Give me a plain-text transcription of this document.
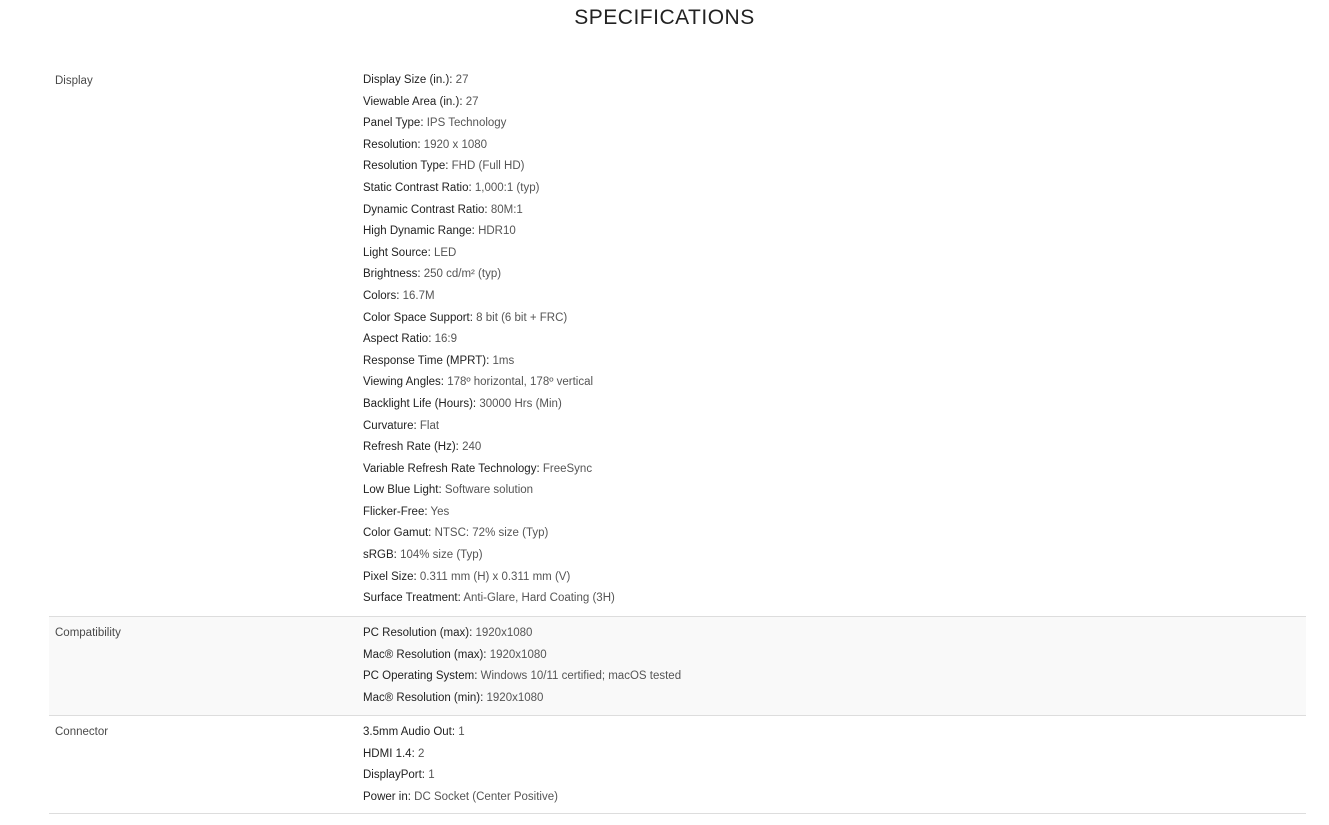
SPECIFICATIONS
Display	Display Size (in.): 27
Viewable Area (in.): 27
Panel Type: IPS Technology
Resolution: 1920 x 1080
Resolution Type: FHD (Full HD)
Static Contrast Ratio: 1,000:1 (typ)
Dynamic Contrast Ratio: 80M:1
High Dynamic Range: HDR10
Light Source: LED
Brightness: 250 cd/m² (typ)
Colors: 16.7M
Color Space Support: 8 bit (6 bit + FRC)
Aspect Ratio: 16:9
Response Time (MPRT): 1ms
Viewing Angles: 178º horizontal, 178º vertical
Backlight Life (Hours): 30000 Hrs (Min)
Curvature: Flat
Refresh Rate (Hz): 240
Variable Refresh Rate Technology: FreeSync
Low Blue Light: Software solution
Flicker-Free: Yes
Color Gamut: NTSC: 72% size (Typ)
sRGB: 104% size (Typ)
Pixel Size: 0.311 mm (H) x 0.311 mm (V)
Surface Treatment: Anti-Glare, Hard Coating (3H)
Compatibility	PC Resolution (max): 1920x1080
Mac® Resolution (max): 1920x1080
PC Operating System: Windows 10/11 certified; macOS tested
Mac® Resolution (min): 1920x1080
Connector	3.5mm Audio Out: 1
HDMI 1.4: 2
DisplayPort: 1
Power in: DC Socket (Center Positive)
